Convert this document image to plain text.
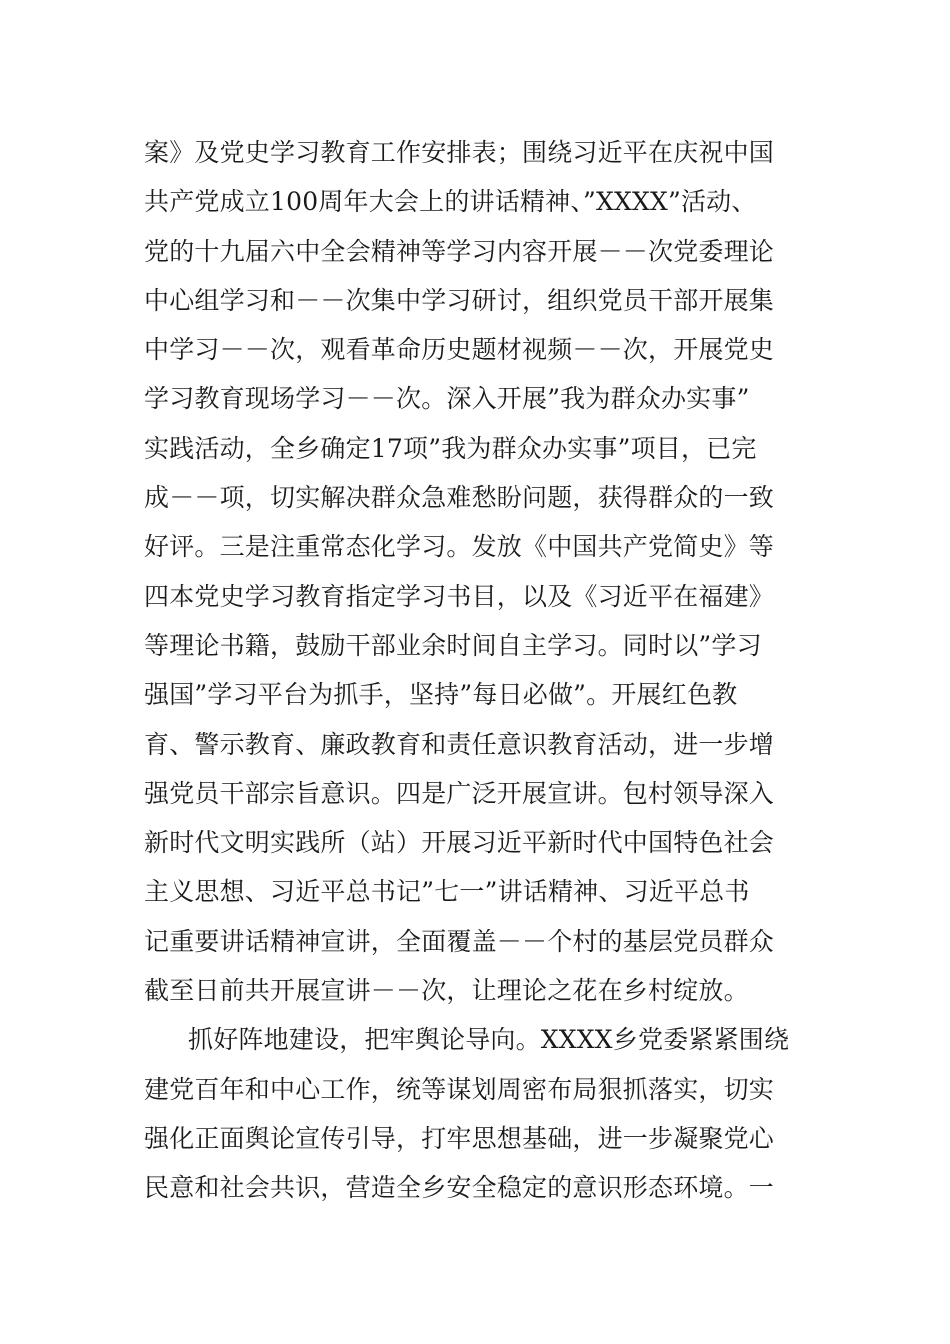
案》及党史学习教育工作安排表；围绕习近平在庆祝中国
共产党成立100周年大会上的讲话精神、”XXXX”活动、
党的十九届六中全会精神等学习内容开展－－次党委理论
中心组学习和－－次集中学习研讨，组织党员干部开展集
中学习－－次，观看革命历史题材视频－－次，开展党史
学习教育现场学习－－次。深入开展”我为群众办实事”
实践活动，全乡确定17项”我为群众办实事”项目，已完
成－－项，切实解决群众急难愁盼问题，获得群众的一致
好评。三是注重常态化学习。发放《中国共产党简史》等
四本党史学习教育指定学习书目，以及《习近平在福建》
等理论书籍，鼓励干部业余时间自主学习。同时以”学习
强国”学习平台为抓手，坚持”每日必做”。开展红色教
育、警示教育、廉政教育和责任意识教育活动，进一步增
强党员干部宗旨意识。四是广泛开展宣讲。包村领导深入
新时代文明实践所（站）开展习近平新时代中国特色社会
主义思想、习近平总书记”七一”讲话精神、习近平总书
记重要讲话精神宣讲，全面覆盖－－个村的基层党员群众
截至日前共开展宣讲－－次，让理论之花在乡村绽放。
抓好阵地建设，把牢舆论导向。XXXX乡党委紧紧围绕
建党百年和中心工作，统等谋划周密布局狠抓落实，切实
强化正面舆论宣传引导，打牢思想基础，进一步凝聚党心
民意和社会共识，营造全乡安全稳定的意识形态环境。一
